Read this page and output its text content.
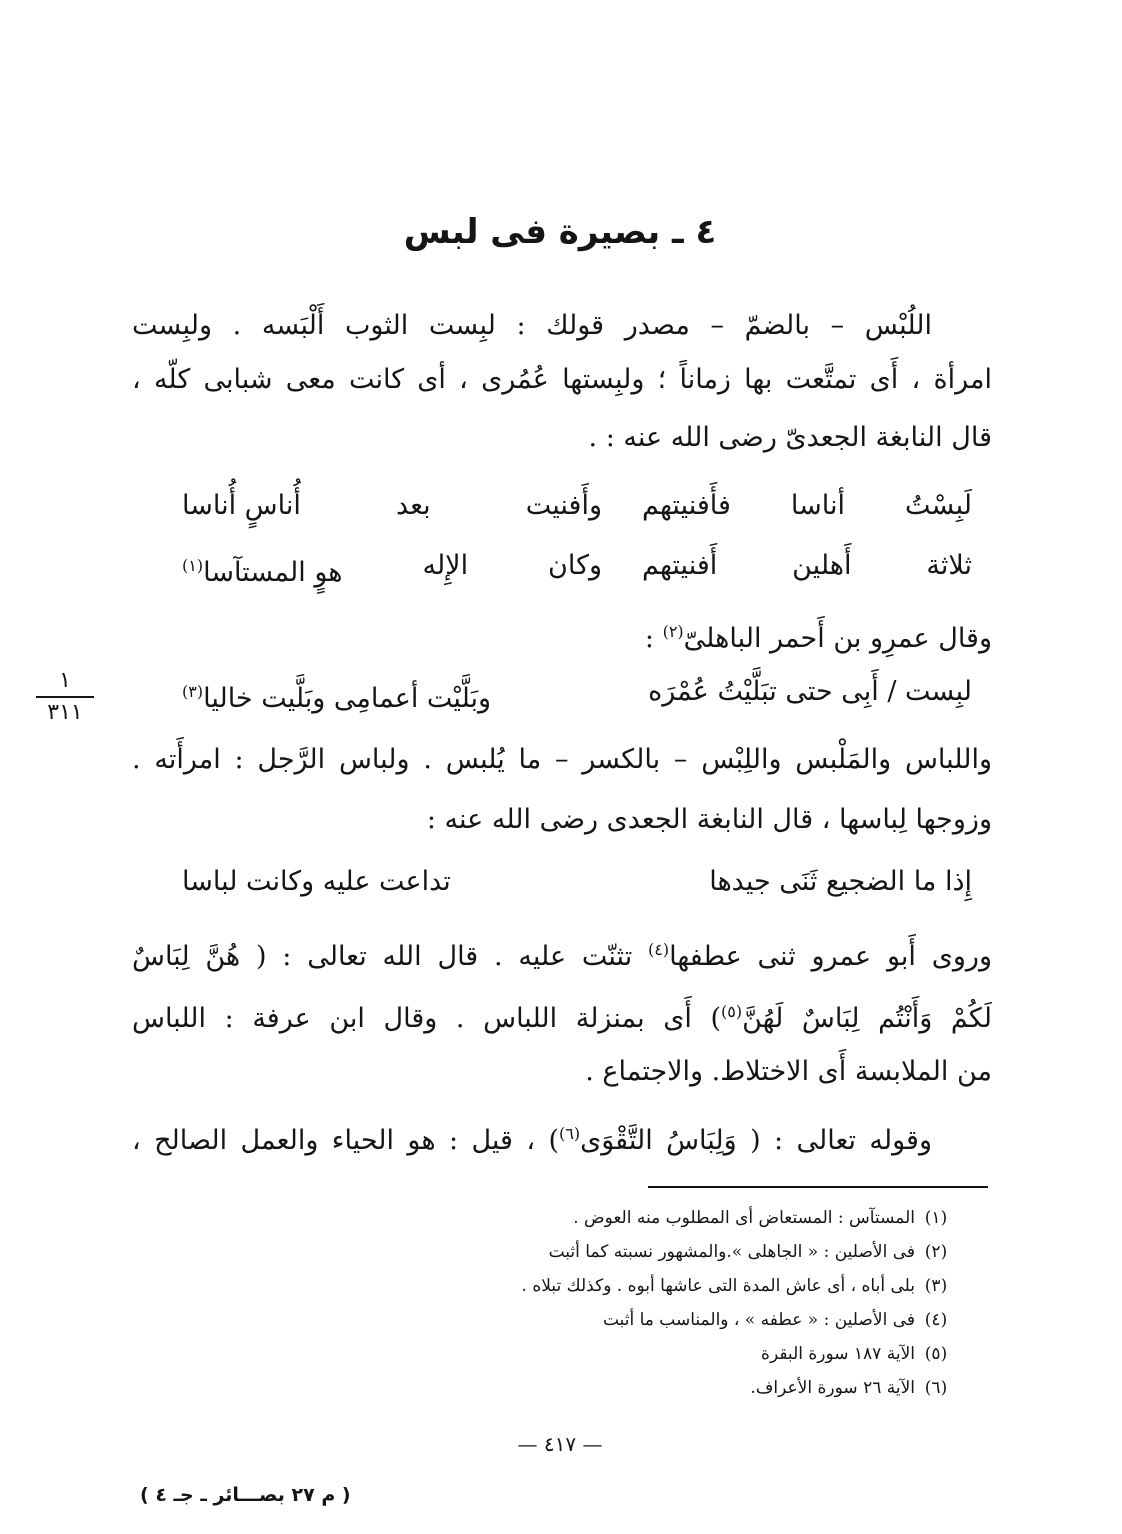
٤ ـ بصيرة فى لبس
اللُبْس – بالضمّ – مصدر قولك : لبِست الثوب أَلْبَسه . ولبِست
امرأة ، أَى تمتَّعت بها زماناً ؛ ولبِستها عُمُرى ، أى كانت معى شبابى كلّه ،
قال النابغة الجعدىّ رضى الله عنه : .
لَبِسْتُ
أناسا
فأَفنيتهم
وأَفنيت
بعد
أُناسٍ أُناسا
ثلاثة
أَهلين
أَفنيتهم
وكان
الإِله
هوٍ المستآسا$^{(١)}$
وقال عمرِو بن أَحمر الباهلىّ$^{(٢)}$ :
لبِست / أَبِى حتى تبَلَّيْتُ عُمْرَه
وبَلَّيْت أعمامِى وبَلَّيت خاليا$^{(٣)}$
واللباس والمَلْبس واللِبْس – بالكسر – ما يُلبس . ولباس الرَّجل : امرأَته .
وزوجها لِباسها ، قال النابغة الجعدى رضى الله عنه :
إِذا ما الضجيع ثَنَى جيدها
تداعت عليه وكانت لباسا
وروى أَبو عمرو ثنى عطفها$^{(٤)}$ تثنّت عليه . قال الله تعالى : ( هُنَّ لِبَاسٌ
لَكُمْ وَأَنْتُم لِبَاسٌ لَهُنَّ$^{(٥)}$) أَى بمنزلة اللباس . وقال ابن عرفة : اللباس
من الملابسة أَى الاختلاط. والاجتماع .
وقوله تعالى : ( وَلِبَاسُ التَّقْوَى$^{(٦)}$) ، قيل : هو الحياء والعمل الصالح ،
١
٣١١
(١)المستآس : المستعاض أى المطلوب منه العوض .
(٢)فى الأصلين : « الجاهلى ».والمشهور نسبته كما أثبت
(٣)بلى أباه ، أى عاش المدة التى عاشها أبوه . وكذلك تبلاه .
(٤)فى الأصلين : « عطفه » ، والمناسب ما أثبت
(٥)الآية ١٨٧ سورة البقرة
(٦)الآية ٢٦ سورة الأعراف.
— ٤١٧ —
( م ٢٧ بصـــائر ـ جـ ٤ )
